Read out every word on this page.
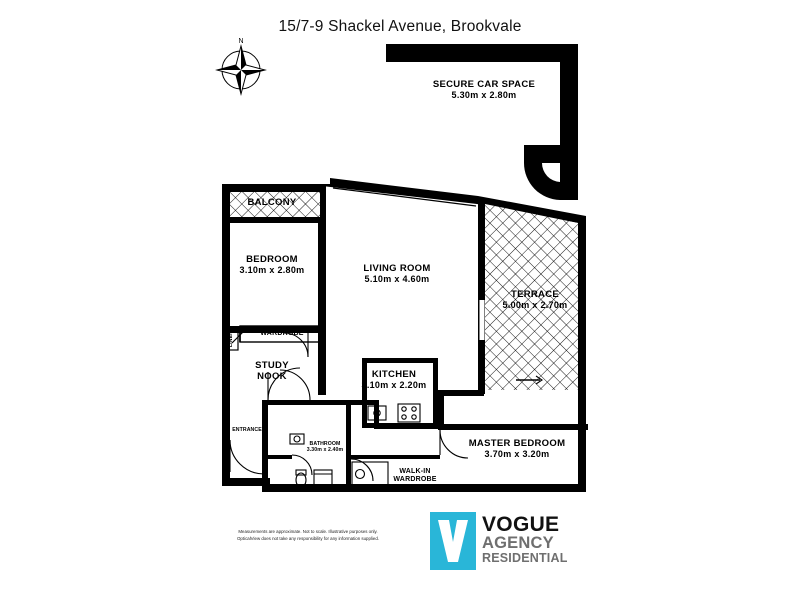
N
15/7-9 Shackel Avenue, Brookvale
SECURE CAR SPACE
5.30m x 2.80m
STORAGE
BALCONY
BEDROOM
3.10m x 2.80m	LIVING ROOM
5.10m x 4.60m
TERRACE
5.00m x 2.70m
WARDROBE
LINEN
STUDY
NOOK	KITCHEN
3.10m x 2.20m
ENTRANCE
BATHROOM
3.30m x 2.40m
MASTER BEDROOM
3.70m x 3.20m
WALK-IN
WARDROBE
Measurements are approximate. Not to scale. Illustrative purposes only.
OpticalView does not take any responsibility for any information supplied.
VOGUE
AGENCY
RESIDENTIAL
